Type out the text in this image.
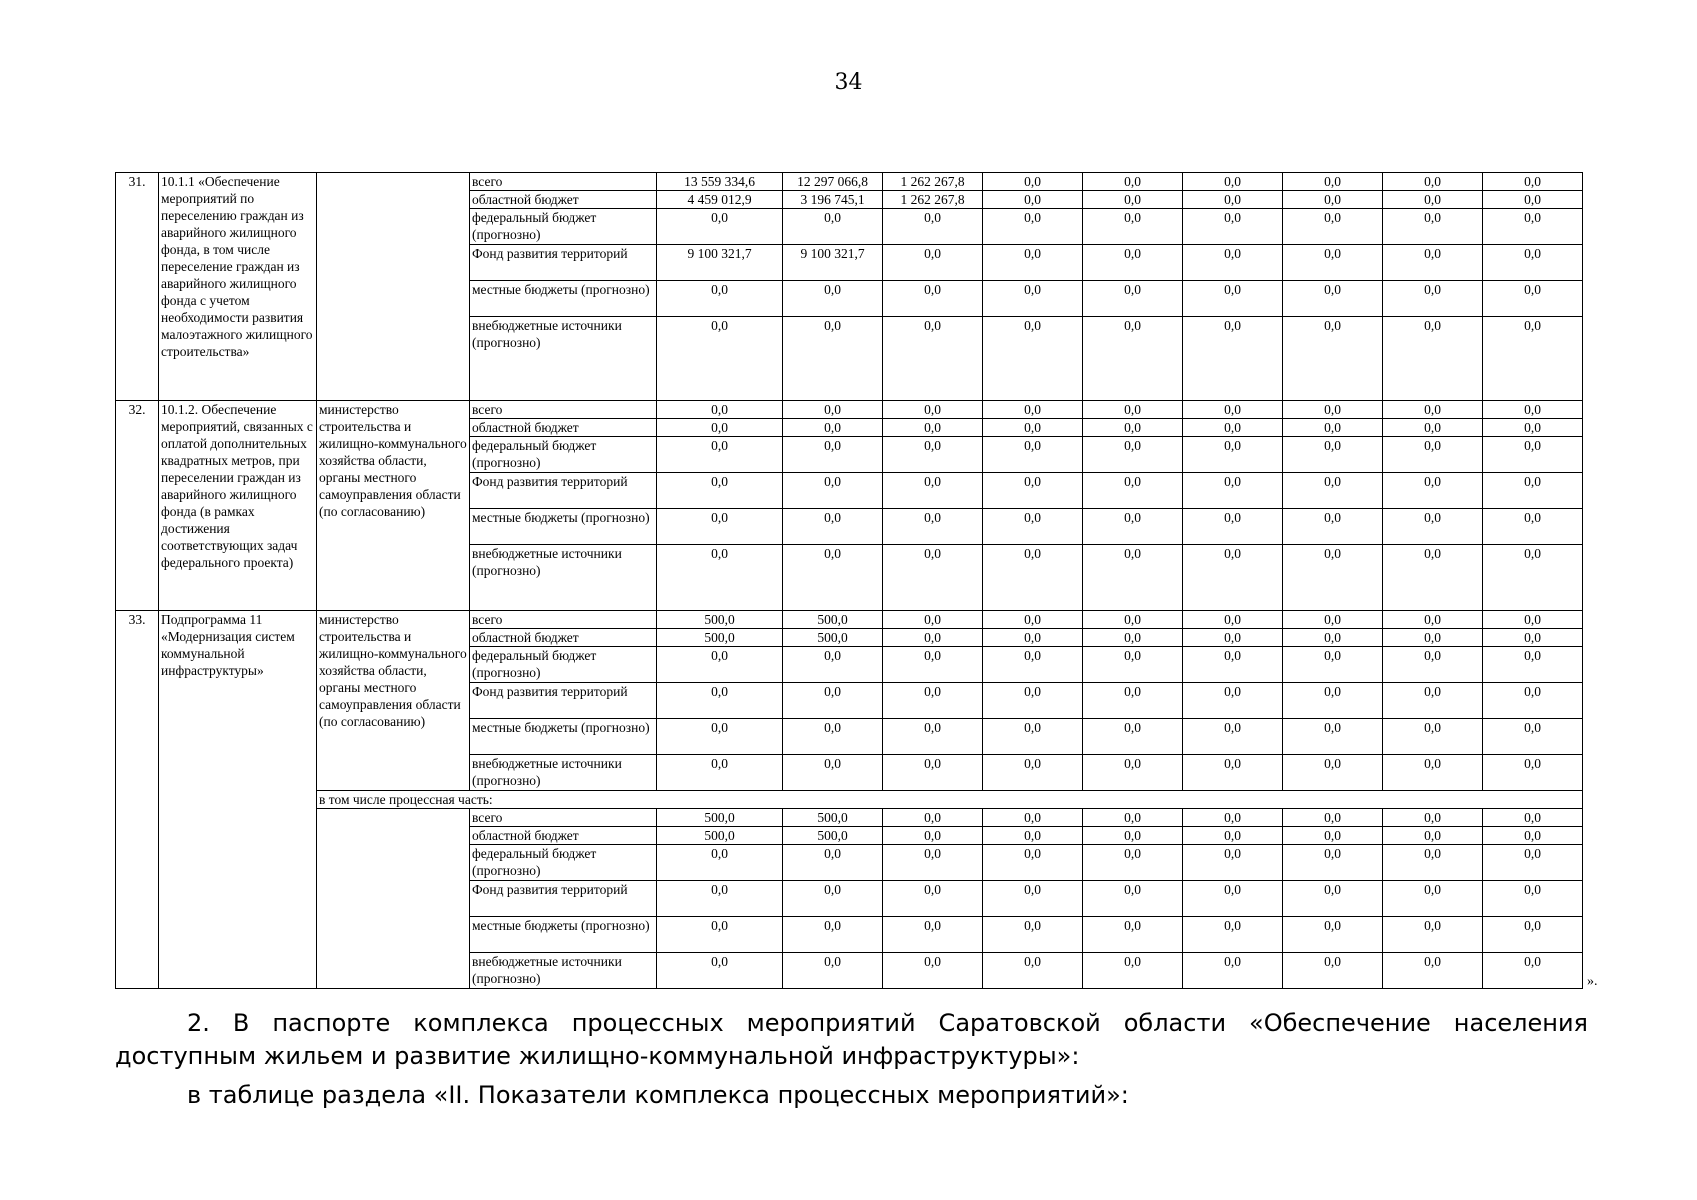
34
31.	10.1.1 «Обеспечение мероприятий по переселению граждан из аварийного жилищного фонда, в том числе переселение граждан из аварийного жилищного фонда с учетом необходимости развития малоэтажного жилищного строительства»		всего	13 559 334,6	12 297 066,8	1 262 267,8	0,0	0,0	0,0	0,0	0,0	0,0
			областной бюджет	4 459 012,9	3 196 745,1	1 262 267,8	0,0	0,0	0,0	0,0	0,0	0,0
			федеральный бюджет (прогнозно)	0,0	0,0	0,0	0,0	0,0	0,0	0,0	0,0	0,0
			Фонд развития территорий	9 100 321,7	9 100 321,7	0,0	0,0	0,0	0,0	0,0	0,0	0,0
			местные бюджеты (прогнозно)	0,0	0,0	0,0	0,0	0,0	0,0	0,0	0,0	0,0
			внебюджетные источники (прогнозно)	0,0	0,0	0,0	0,0	0,0	0,0	0,0	0,0	0,0
32.	10.1.2. Обеспечение мероприятий, связанных с оплатой дополнительных квадратных метров, при переселении граждан из аварийного жилищного фонда (в рамках достижения соответствующих задач федерального проекта)	министерство строительства и жилищно-коммунального хозяйства области, органы местного самоуправления области (по согласованию)	всего	0,0	0,0	0,0	0,0	0,0	0,0	0,0	0,0	0,0
			областной бюджет	0,0	0,0	0,0	0,0	0,0	0,0	0,0	0,0	0,0
			федеральный бюджет (прогнозно)	0,0	0,0	0,0	0,0	0,0	0,0	0,0	0,0	0,0
			Фонд развития территорий	0,0	0,0	0,0	0,0	0,0	0,0	0,0	0,0	0,0
			местные бюджеты (прогнозно)	0,0	0,0	0,0	0,0	0,0	0,0	0,0	0,0	0,0
			внебюджетные источники (прогнозно)	0,0	0,0	0,0	0,0	0,0	0,0	0,0	0,0	0,0
33.	Подпрограмма 11 «Модернизация систем коммунальной инфраструктуры»	министерство строительства и жилищно-коммунального хозяйства области, органы местного самоуправления области (по согласованию)	всего	500,0	500,0	0,0	0,0	0,0	0,0	0,0	0,0	0,0
			областной бюджет	500,0	500,0	0,0	0,0	0,0	0,0	0,0	0,0	0,0
			федеральный бюджет (прогнозно)	0,0	0,0	0,0	0,0	0,0	0,0	0,0	0,0	0,0
			Фонд развития территорий	0,0	0,0	0,0	0,0	0,0	0,0	0,0	0,0	0,0
			местные бюджеты (прогнозно)	0,0	0,0	0,0	0,0	0,0	0,0	0,0	0,0	0,0
			внебюджетные источники (прогнозно)	0,0	0,0	0,0	0,0	0,0	0,0	0,0	0,0	0,0
		в том числе процессная часть:										
			всего	500,0	500,0	0,0	0,0	0,0	0,0	0,0	0,0	0,0
			областной бюджет	500,0	500,0	0,0	0,0	0,0	0,0	0,0	0,0	0,0
			федеральный бюджет (прогнозно)	0,0	0,0	0,0	0,0	0,0	0,0	0,0	0,0	0,0
			Фонд развития территорий	0,0	0,0	0,0	0,0	0,0	0,0	0,0	0,0	0,0
			местные бюджеты (прогнозно)	0,0	0,0	0,0	0,0	0,0	0,0	0,0	0,0	0,0
			внебюджетные источники (прогнозно)	0,0	0,0	0,0	0,0	0,0	0,0	0,0	0,0	0,0
».
2. В паспорте комплекса процессных мероприятий Саратовской области «Обеспечение населения доступным жильем и развитие жилищно-коммунальной инфраструктуры»:
в таблице раздела «II. Показатели комплекса процессных мероприятий»:
